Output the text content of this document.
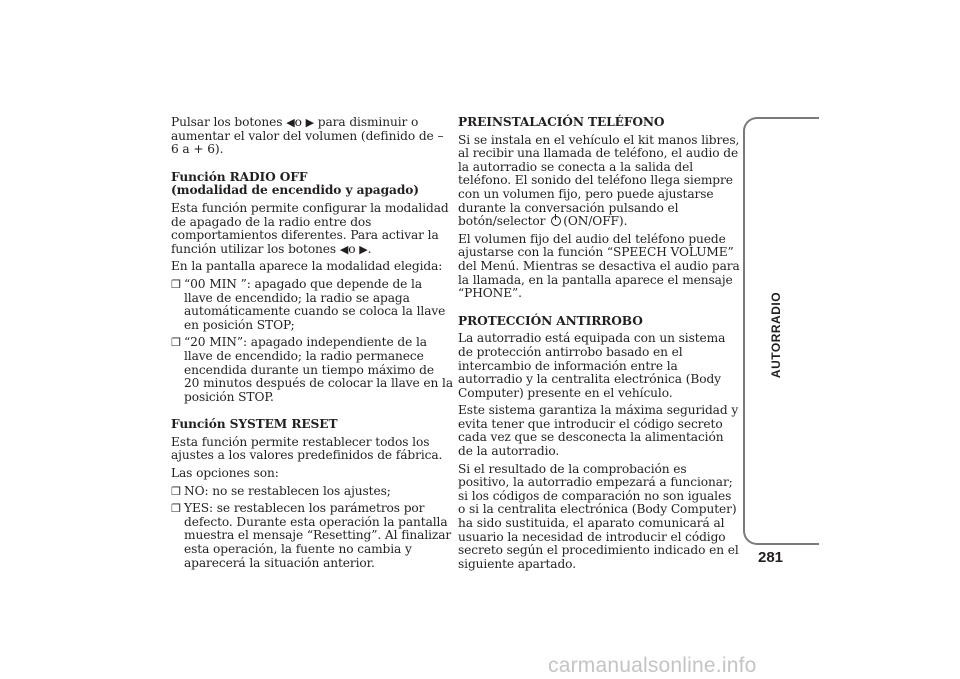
Pulsar los botones ◀o ▶ para disminuir o aumentar el valor del volumen (definido de – 6 a + 6).

Función RADIO OFF
(modalidad de encendido y apagado)

Esta función permite configurar la modalidad de apagado de la radio entre dos comportamientos diferentes. Para activar la función utilizar los botones ◀o ▶.

En la pantalla aparece la modalidad elegida:

❐ “00 MIN ”: apagado que depende de la llave de encendido; la radio se apaga automáticamente cuando se coloca la llave en posición STOP;
❐ “20 MIN”: apagado independiente de la llave de encendido; la radio permanece encendida durante un tiempo máximo de 20 minutos después de colocar la llave en la posición STOP.
Función SYSTEM RESET

Esta función permite restablecer todos los ajustes a los valores predefinidos de fábrica.

Las opciones son:

❐ NO: no se restablecen los ajustes;
❐ YES: se restablecen los parámetros por defecto. Durante esta operación la pantalla muestra el mensaje “Resetting”. Al finalizar esta operación, la fuente no cambia y aparecerá la situación anterior.
PREINSTALACIÓN TELÉFONO

Si se instala en el vehículo el kit manos libres, al recibir una llamada de teléfono, el audio de la autorradio se conecta a la salida del teléfono. El sonido del teléfono llega siempre con un volumen fijo, pero puede ajustarse durante la conversación pulsando el botón/selector (ON/OFF).

El volumen fijo del audio del teléfono puede ajustarse con la función “SPEECH VOLUME” del Menú. Mientras se desactiva el audio para la llamada, en la pantalla aparece el mensaje “PHONE”.

PROTECCIÓN ANTIRROBO

La autorradio está equipada con un sistema de protección antirrobo basado en el intercambio de información entre la autorradio y la centralita electrónica (Body Computer) presente en el vehículo.

Este sistema garantiza la máxima seguridad y evita tener que introducir el código secreto cada vez que se desconecta la alimentación de la autorradio.

Si el resultado de la comprobación es positivo, la autorradio empezará a funcionar; si los códigos de comparación no son iguales o si la centralita electrónica (Body Computer) ha sido sustituida, el aparato comunicará al usuario la necesidad de introducir el código secreto según el procedimiento indicado en el siguiente apartado.

AUTORRADIO
281
carmanualsonline.info
